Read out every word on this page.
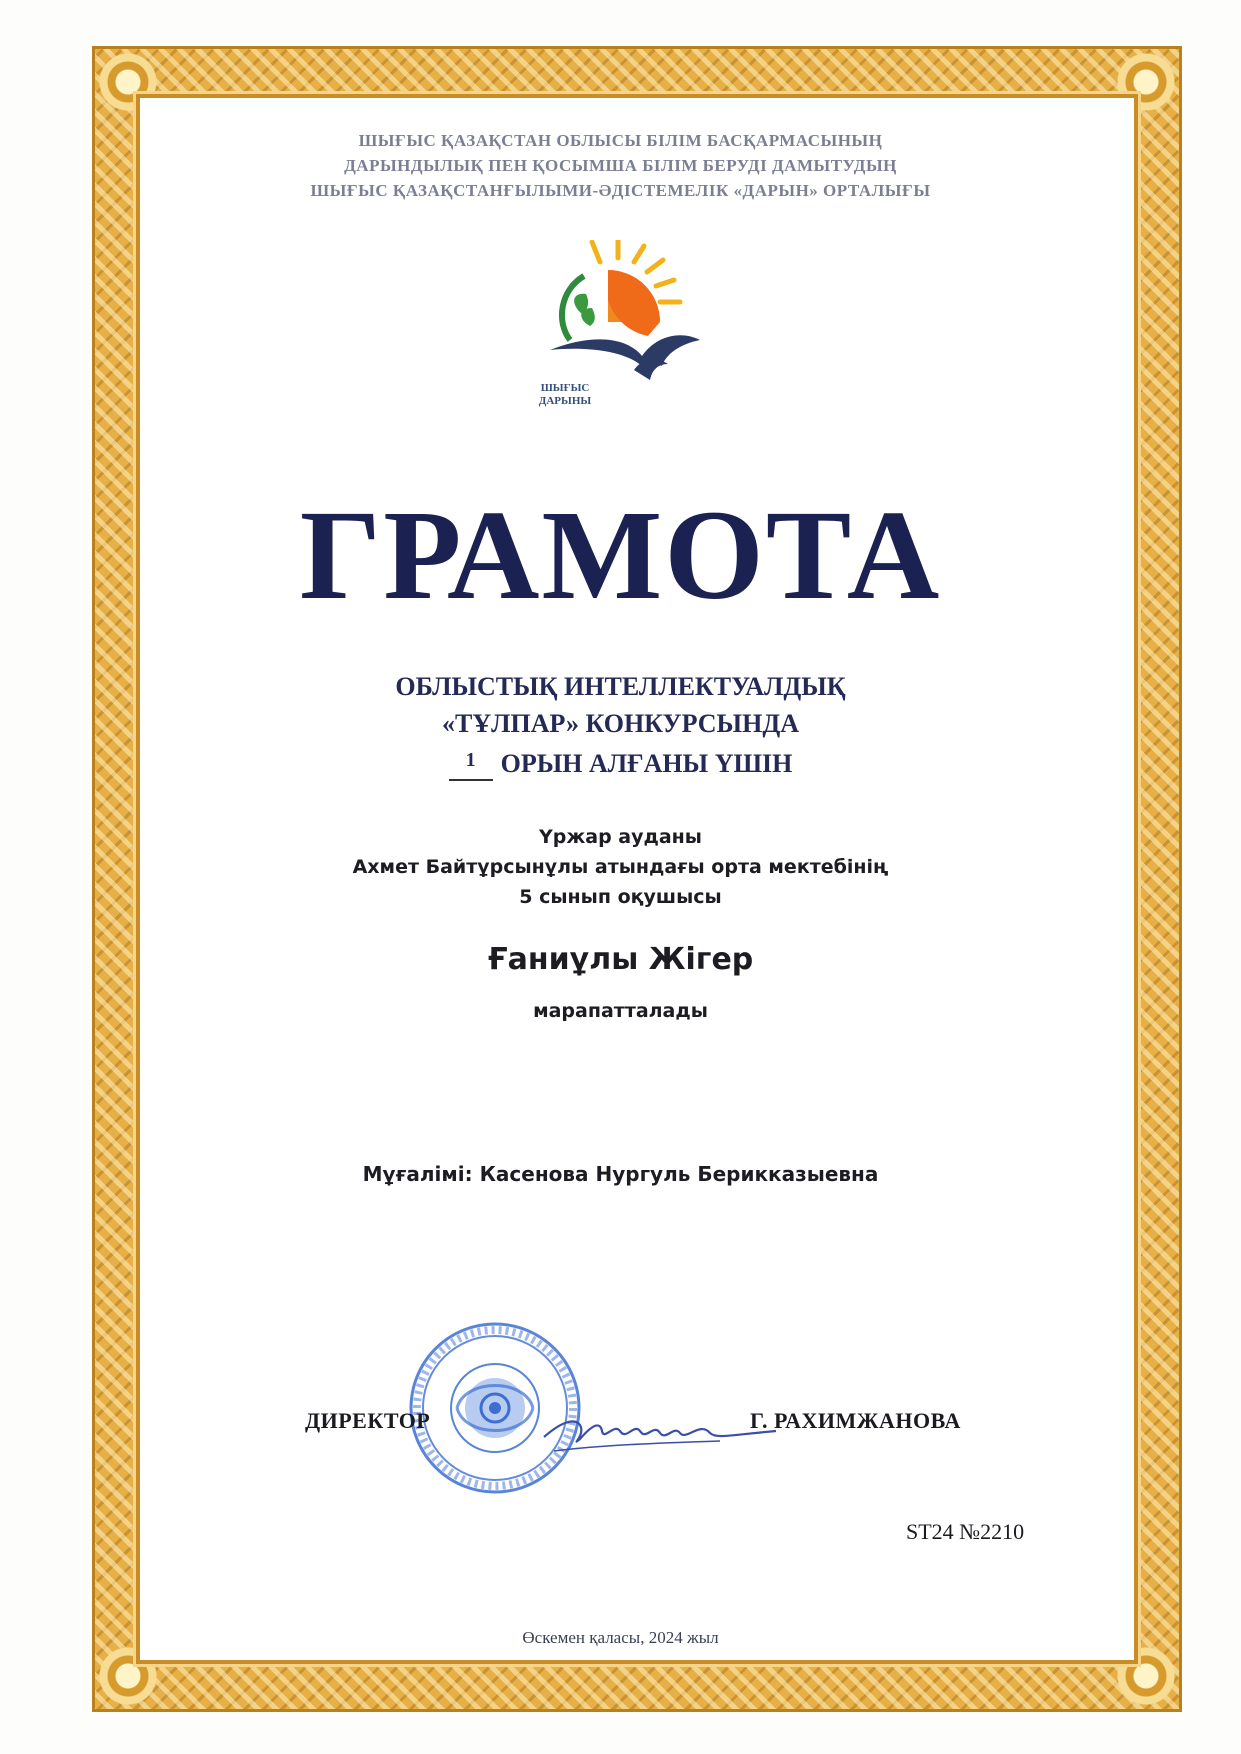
ШЫҒЫС ҚАЗАҚСТАН ОБЛЫСЫ БІЛІМ БАСҚАРМАСЫНЫҢ
ДАРЫНДЫЛЫҚ ПЕН ҚОСЫМША БІЛІМ БЕРУДІ ДАМЫТУДЫҢ
ШЫҒЫС ҚАЗАҚСТАНҒЫЛЫМИ-ӘДІСТЕМЕЛІК «ДАРЫН» ОРТАЛЫҒЫ
ШЫҒЫС
ДАРЫНЫ
ГРАМОТА
ОБЛЫСТЫҚ ИНТЕЛЛЕКТУАЛДЫҚ
«ТҰЛПАР» КОНКУРСЫНДА
1 ОРЫН АЛҒАНЫ ҮШІН
Үржар ауданы
Ахмет Байтұрсынұлы атындағы орта мектебінің
5 сынып оқушысы
Ғаниұлы Жігер
марапатталады
Мұғалімі: Касенова Нургуль Берикказыевна
ДИРЕКТОР	Г. РАХИМЖАНОВА
ST24 №2210
Өскемен қаласы, 2024 жыл
